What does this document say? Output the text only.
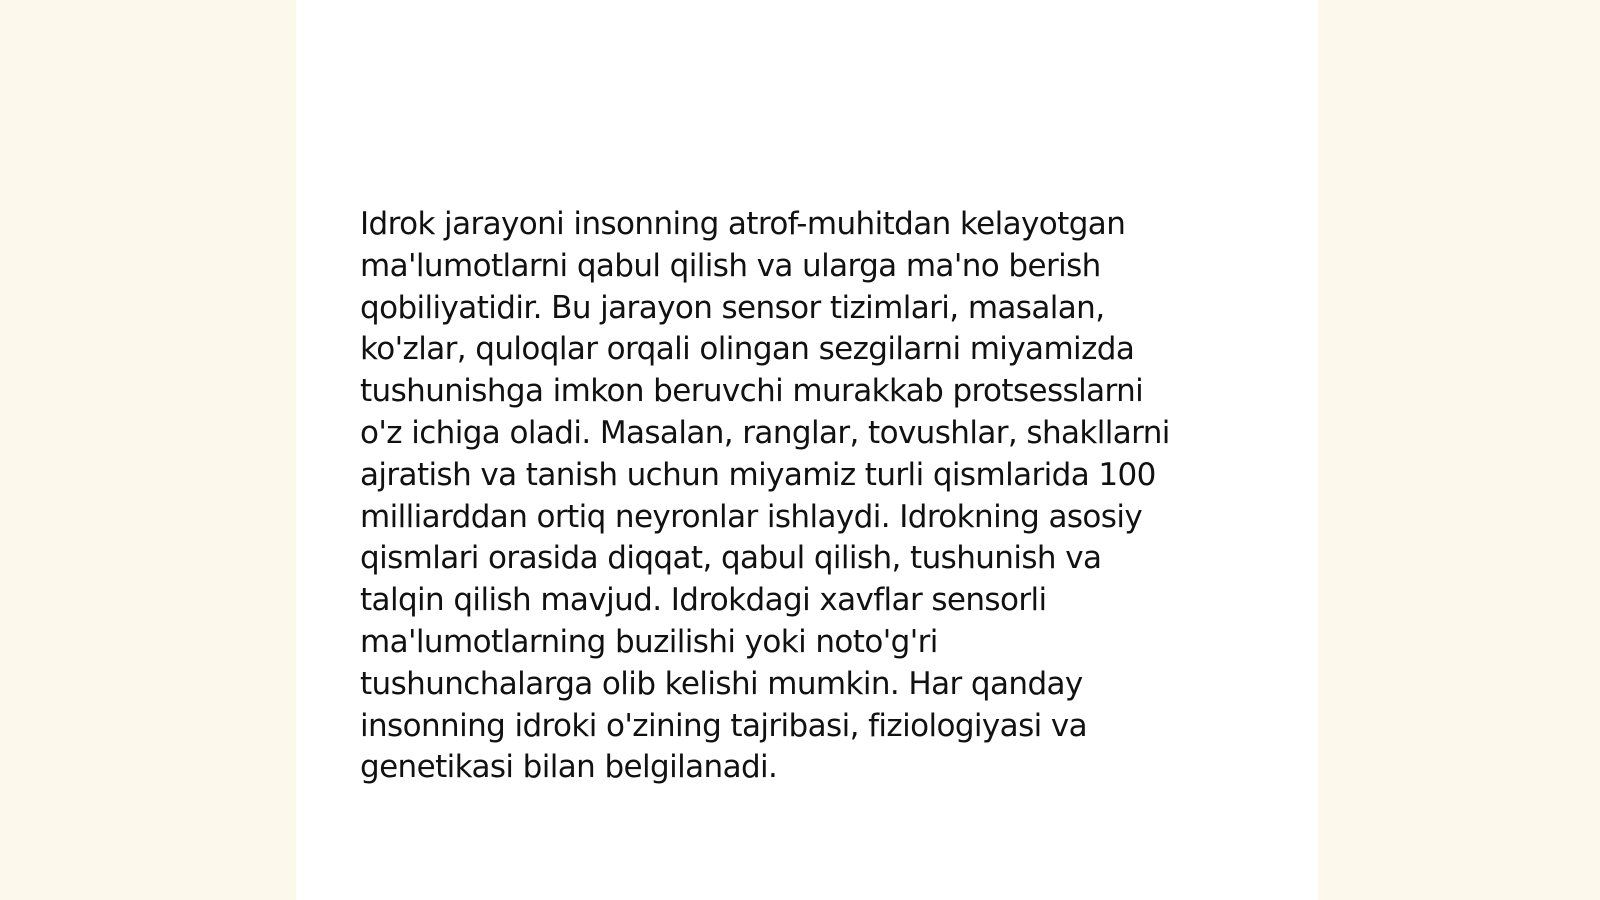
Idrok jarayoni insonning atrof-muhitdan kelayotgan
ma'lumotlarni qabul qilish va ularga ma'no berish
qobiliyatidir. Bu jarayon sensor tizimlari, masalan,
ko'zlar, quloqlar orqali olingan sezgilarni miyamizda
tushunishga imkon beruvchi murakkab protsesslarni
o'z ichiga oladi. Masalan, ranglar, tovushlar, shakllarni
ajratish va tanish uchun miyamiz turli qismlarida 100
milliarddan ortiq neyronlar ishlaydi. Idrokning asosiy
qismlari orasida diqqat, qabul qilish, tushunish va
talqin qilish mavjud. Idrokdagi xavflar sensorli
ma'lumotlarning buzilishi yoki noto'g'ri
tushunchalarga olib kelishi mumkin. Har qanday
insonning idroki o'zining tajribasi, fiziologiyasi va
genetikasi bilan belgilanadi.
